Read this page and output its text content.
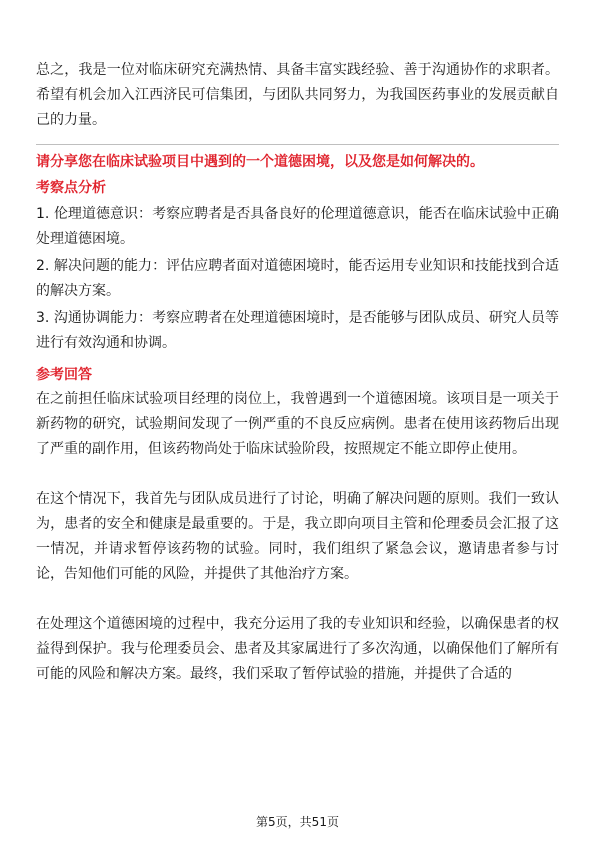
总之，我是一位对临床研究充满热情、具备丰富实践经验、善于沟通协作的求职者。希望有机会加入江西济民可信集团，与团队共同努力，为我国医药事业的发展贡献自己的力量。

请分享您在临床试验项目中遇到的一个道德困境，以及您是如何解决的。
考察点分析

1. 伦理道德意识：考察应聘者是否具备良好的伦理道德意识，能否在临床试验中正确处理道德困境。

2. 解决问题的能力：评估应聘者面对道德困境时，能否运用专业知识和技能找到合适的解决方案。

3. 沟通协调能力：考察应聘者在处理道德困境时，是否能够与团队成员、研究人员等进行有效沟通和协调。

参考回答

在之前担任临床试验项目经理的岗位上，我曾遇到一个道德困境。该项目是一项关于新药物的研究，试验期间发现了一例严重的不良反应病例。患者在使用该药物后出现了严重的副作用，但该药物尚处于临床试验阶段，按照规定不能立即停止使用。

在这个情况下，我首先与团队成员进行了讨论，明确了解决问题的原则。我们一致认为，患者的安全和健康是最重要的。于是，我立即向项目主管和伦理委员会汇报了这一情况，并请求暂停该药物的试验。同时，我们组织了紧急会议，邀请患者参与讨论，告知他们可能的风险，并提供了其他治疗方案。

在处理这个道德困境的过程中，我充分运用了我的专业知识和经验，以确保患者的权益得到保护。我与伦理委员会、患者及其家属进行了多次沟通，以确保他们了解所有可能的风险和解决方案。最终，我们采取了暂停试验的措施，并提供了合适的

第5页，共51页
